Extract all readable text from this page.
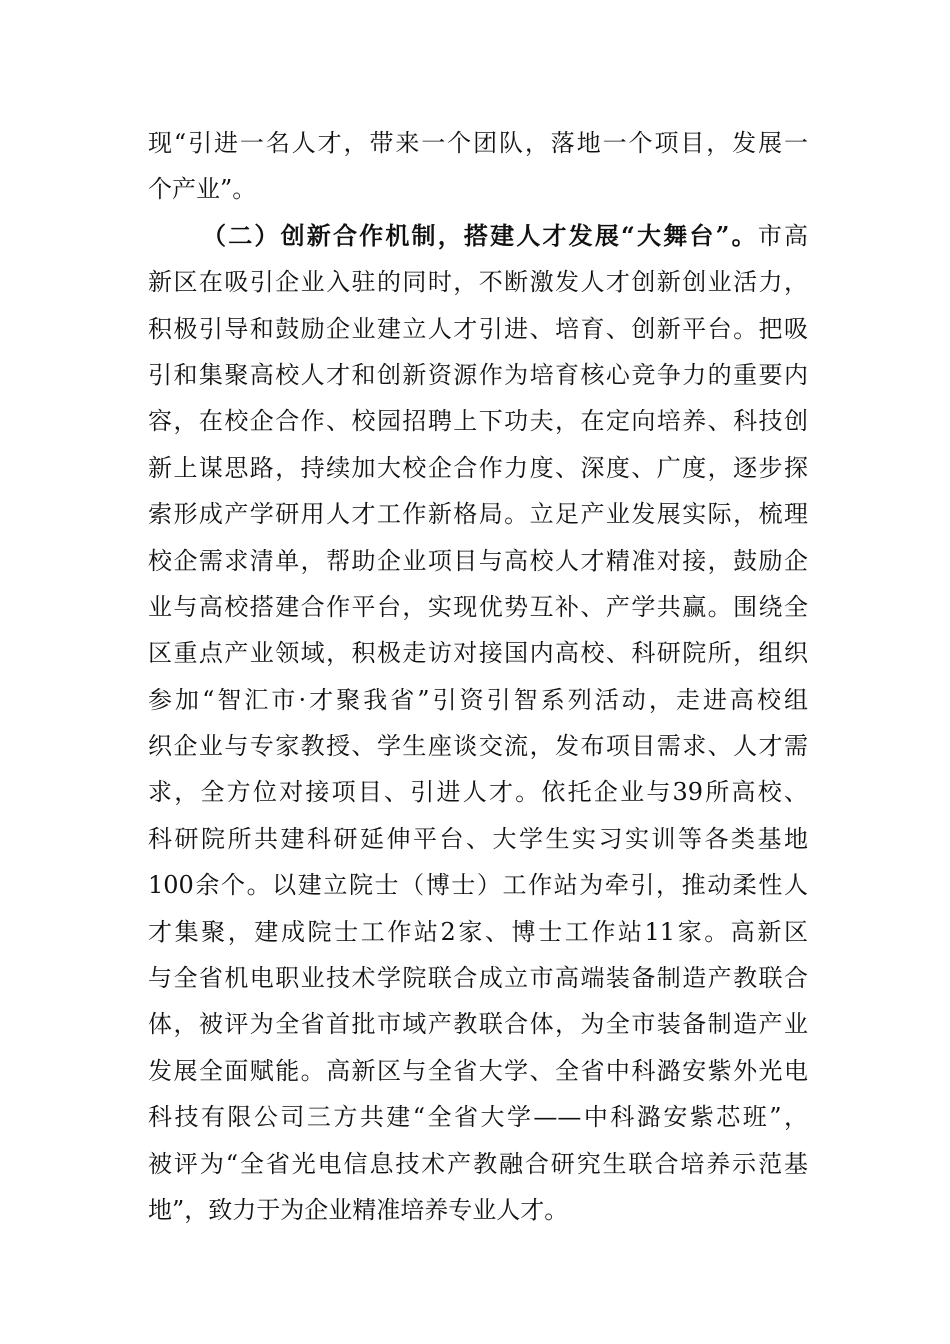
现“引进一名人才，带来一个团队，落地一个项目，发展一
个产业”。
（二）创新合作机制，搭建人才发展“大舞台”。市高
新区在吸引企业入驻的同时，不断激发人才创新创业活力，
积极引导和鼓励企业建立人才引进、培育、创新平台。把吸
引和集聚高校人才和创新资源作为培育核心竞争力的重要内
容，在校企合作、校园招聘上下功夫，在定向培养、科技创
新上谋思路，持续加大校企合作力度、深度、广度，逐步探
索形成产学研用人才工作新格局。立足产业发展实际，梳理
校企需求清单，帮助企业项目与高校人才精准对接，鼓励企
业与高校搭建合作平台，实现优势互补、产学共赢。围绕全
区重点产业领域，积极走访对接国内高校、科研院所，组织
参加“智汇市·才聚我省”引资引智系列活动，走进高校组
织企业与专家教授、学生座谈交流，发布项目需求、人才需
求，全方位对接项目、引进人才。依托企业与39所高校、
科研院所共建科研延伸平台、大学生实习实训等各类基地
100余个。以建立院士（博士）工作站为牵引，推动柔性人
才集聚，建成院士工作站2家、博士工作站11家。高新区
与全省机电职业技术学院联合成立市高端装备制造产教联合
体，被评为全省首批市域产教联合体，为全市装备制造产业
发展全面赋能。高新区与全省大学、全省中科潞安紫外光电
科技有限公司三方共建“全省大学——中科潞安紫芯班”，
被评为“全省光电信息技术产教融合研究生联合培养示范基
地”，致力于为企业精准培养专业人才。
